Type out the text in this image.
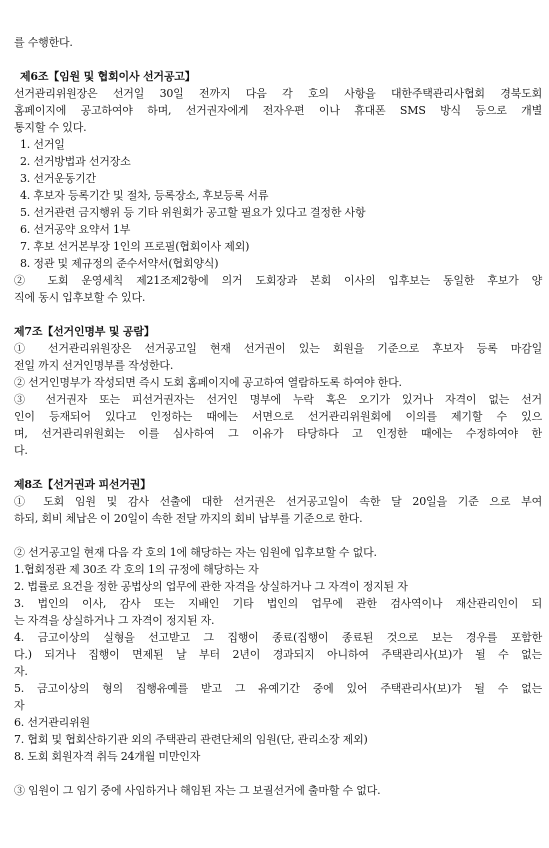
를 수행한다.
제6조【임원 및 협회이사 선거공고】
선거관리위원장은 선거일 30일 전까지 다음 각 호의 사항을 대한주택관리사협회 경북도회
홈페이지에 공고하여야 하며, 선거권자에게 전자우편 이나 휴대폰 SMS 방식 등으로 개별
통지할 수 있다.
1. 선거일
2. 선거방법과 선거장소
3. 선거운동기간
4. 후보자 등록기간 및 절차, 등록장소, 후보등록 서류
5. 선거관련 금지행위 등 기타 위원회가 공고할 필요가 있다고 결정한 사항
6. 선거공약 요약서 1부
7. 후보 선거본부장 1인의 프로필(협회이사 제외)
8. 정관 및 제규정의 준수서약서(협회양식)
② 도회 운영세칙 제21조제2항에 의거 도회장과 본회 이사의 입후보는 동일한 후보가 양
직에 동시 입후보할 수 있다.
제7조【선거인명부 및 공람】
① 선거관리위원장은 선거공고일 현재 선거권이 있는 회원을 기준으로 후보자 등록 마감일
전일 까지 선거인명부를 작성한다.
② 선거인명부가 작성되면 즉시 도회 홈페이지에 공고하여 열람하도록 하여야 한다.
③ 선거권자 또는 피선거권자는 선거인 명부에 누락 혹은 오기가 있거나 자격이 없는 선거
인이 등재되어 있다고 인정하는 때에는 서면으로 선거관리위원회에 이의를 제기할 수 있으
며, 선거관리위원회는 이를 심사하여 그 이유가 타당하다 고 인정한 때에는 수정하여야 한
다.
제8조【선거권과 피선거권】
① 도회 임원 및 감사 선출에 대한 선거권은 선거공고일이 속한 달 20일을 기준 으로 부여
하되, 회비 체납은 이 20일이 속한 전달 까지의 회비 납부를 기준으로 한다.
② 선거공고일 현재 다음 각 호의 1에 해당하는 자는 임원에 입후보할 수 없다.
1.협회정관 제 30조 각 호의 1의 규정에 해당하는 자
2. 법률로 요건을 정한 공법상의 업무에 관한 자격을 상실하거나 그 자격이 정지된 자
3. 법인의 이사, 감사 또는 지배인 기타 법인의 업무에 관한 검사역이나 재산관리인이 되
는 자격을 상실하거나 그 자격이 정지된 자.
4. 금고이상의 실형을 선고받고 그 집행이 종료(집행이 종료된 것으로 보는 경우를 포함한
다.) 되거나 집행이 면제된 날 부터 2년이 경과되지 아니하여 주택관리사(보)가 될 수 없는
자.
5. 금고이상의 형의 집행유예를 받고 그 유예기간 중에 있어 주택관리사(보)가 될 수 없는
자
6. 선거관리위원
7. 협회 및 협회산하기관 외의 주택관리 관련단체의 임원(단, 관리소장 제외)
8. 도회 회원자격 취득 24개월 미만인자
③ 임원이 그 임기 중에 사임하거나 해임된 자는 그 보궐선거에 출마할 수 없다.
